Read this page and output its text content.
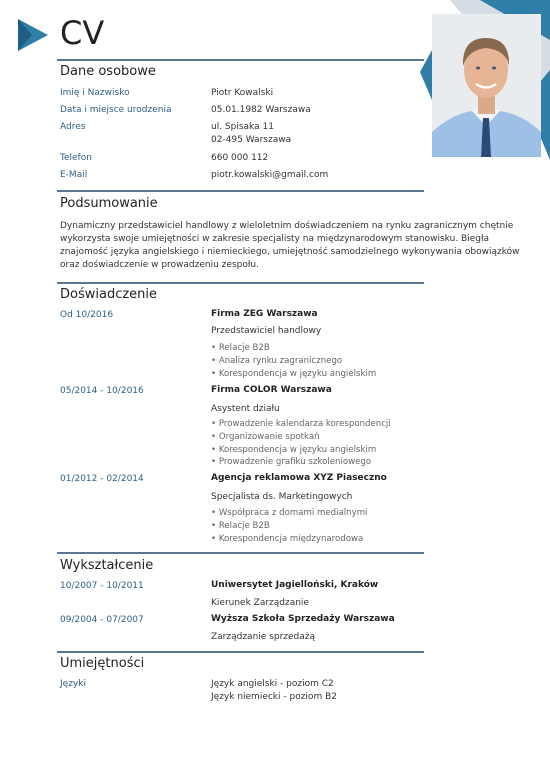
CV
Dane osobowe
Imię i Nazwisko	Piotr Kowalski
Data i miejsce urodzenia	05.01.1982 Warszawa
Adres	ul. Spisaka 11
02-495 Warszawa
Telefon	660 000 112
E-Mail	piotr.kowalski@gmail.com
Podsumowanie

Dynamiczny przedstawiciel handlowy z wieloletnim doświadczeniem na rynku zagranicznym chętnie wykorzysta swoje umiejętności w zakresie specjalisty na międzynarodowym stanowisku. Biegła znajomość języka angielskiego i niemieckiego, umiejętność samodzielnego wykonywania obowiązków oraz doświadczenie w prowadzeniu zespołu.

Doświadczenie
Od 10/2016	Firma ZEG Warszawa
Przedstawiciel handlowy
• Relacje B2B
• Analiza rynku zagranicznego
• Korespondencja w języku angielskim
05/2014 - 10/2016	Firma COLOR Warszawa
Asystent działu
• Prowadzenie kalendarza korespondencji
• Organizowanie spotkań
• Korespondencja w języku angielskim
• Prowadzenie grafiku szkoleniowego
01/2012 - 02/2014	Agencja reklamowa XYZ Piaseczno
Specjalista ds. Marketingowych
• Współpraca z domami medialnymi
• Relacje B2B
• Korespondencja międzynarodowa
Wykształcenie
10/2007 - 10/2011	Uniwersytet Jagielloński, Kraków
Kierunek Zarządzanie
09/2004 - 07/2007	Wyższa Szkoła Sprzedaży Warszawa
Zarządzanie sprzedażą
Umiejętności
Języki	Język angielski - poziom C2
Język niemiecki - poziom B2
